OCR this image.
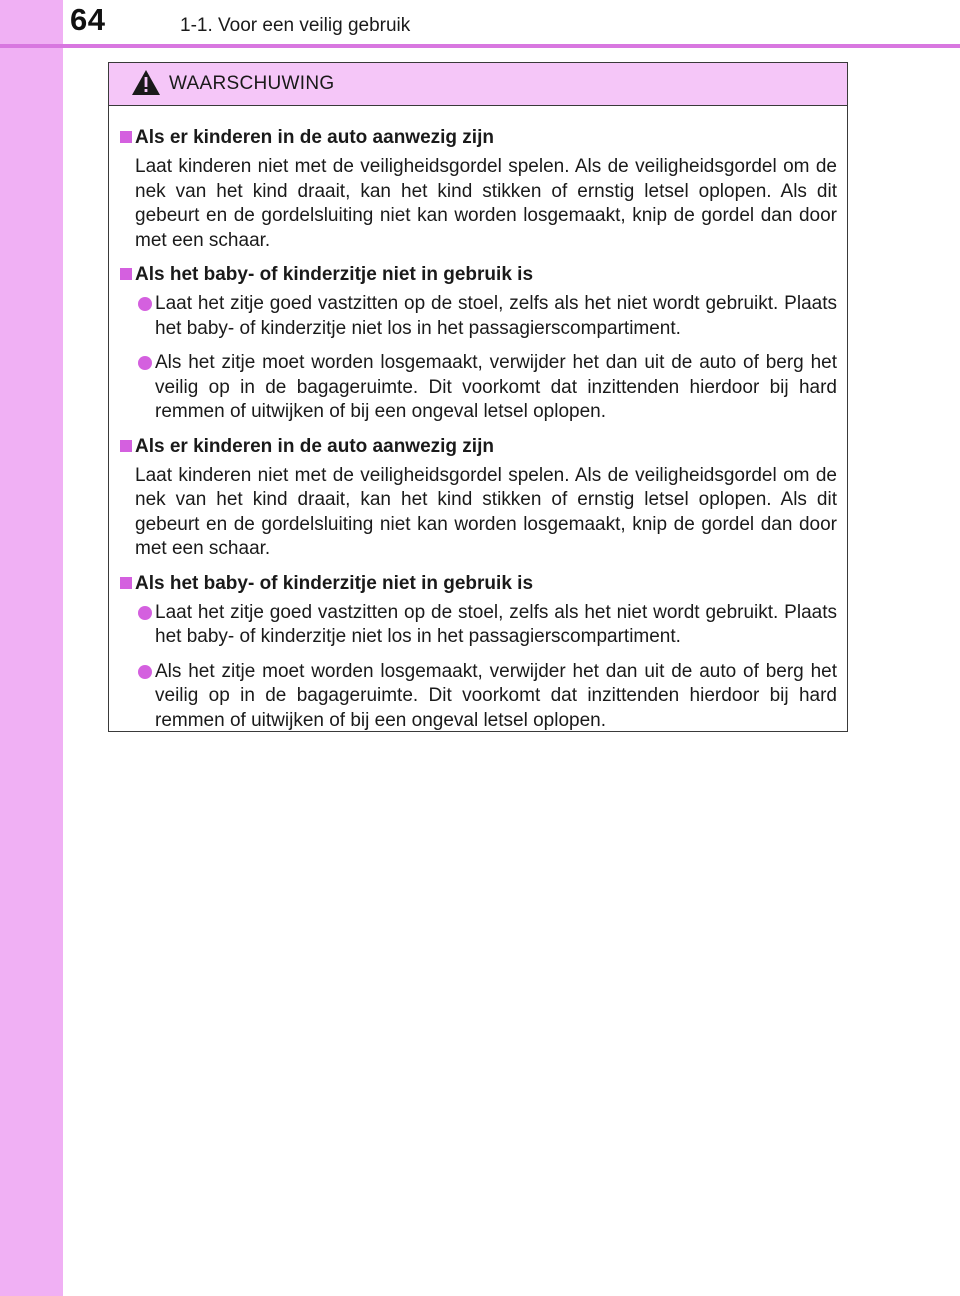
64	1-1. Voor een veilig gebruik
WAARSCHUWING
Als er kinderen in de auto aanwezig zijn

Laat kinderen niet met de veiligheidsgordel spelen. Als de veiligheidsgordel om de nek van het kind draait, kan het kind stikken of ernstig letsel oplopen. Als dit gebeurt en de gordelsluiting niet kan worden losgemaakt, knip de gordel dan door met een schaar.

Als het baby- of kinderzitje niet in gebruik is
Laat het zitje goed vastzitten op de stoel, zelfs als het niet wordt gebruikt. Plaats het baby- of kinderzitje niet los in het passagierscompartiment.
Als het zitje moet worden losgemaakt, verwijder het dan uit de auto of berg het veilig op in de bagageruimte. Dit voorkomt dat inzittenden hierdoor bij hard remmen of uitwijken of bij een ongeval letsel oplopen.
Als er kinderen in de auto aanwezig zijn

Laat kinderen niet met de veiligheidsgordel spelen. Als de veiligheidsgordel om de nek van het kind draait, kan het kind stikken of ernstig letsel oplopen. Als dit gebeurt en de gordelsluiting niet kan worden losgemaakt, knip de gordel dan door met een schaar.

Als het baby- of kinderzitje niet in gebruik is
Laat het zitje goed vastzitten op de stoel, zelfs als het niet wordt gebruikt. Plaats het baby- of kinderzitje niet los in het passagierscompartiment.
Als het zitje moet worden losgemaakt, verwijder het dan uit de auto of berg het veilig op in de bagageruimte. Dit voorkomt dat inzittenden hierdoor bij hard remmen of uitwijken of bij een ongeval letsel oplopen.
